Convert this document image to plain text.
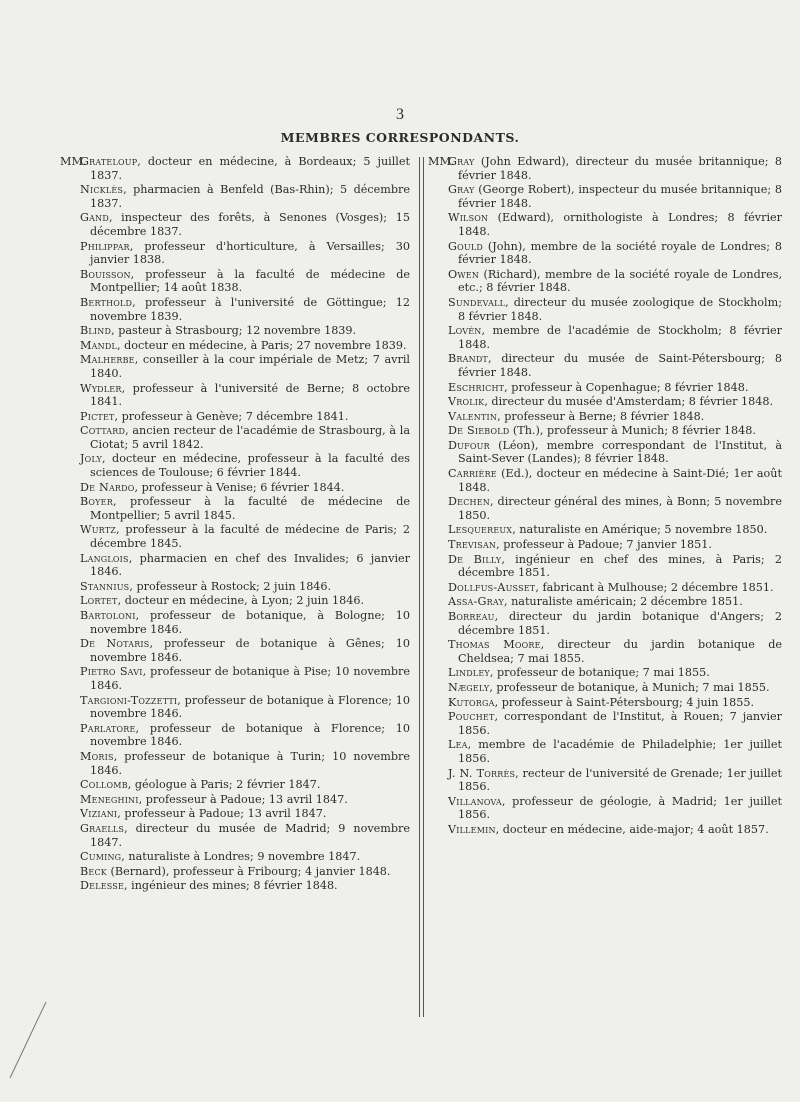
3
MEMBRES CORRESPONDANTS.
MM.
Grateloup, docteur en médecine, à Bordeaux; 5 juillet 1837.
Nicklès, pharmacien à Benfeld (Bas-Rhin); 5 décembre 1837.
Gand, inspecteur des forêts, à Senones (Vosges); 15 décembre 1837.
Philippar, professeur d'horticulture, à Versailles; 30 janvier 1838.
Bouisson, professeur à la faculté de médecine de Montpellier; 14 août 1838.
Berthold, professeur à l'université de Göttingue; 12 novembre 1839.
Blind, pasteur à Strasbourg; 12 novembre 1839.
Mandl, docteur en médecine, à Paris; 27 novembre 1839.
Malherbe, conseiller à la cour impériale de Metz; 7 avril 1840.
Wydler, professeur à l'université de Berne; 8 octobre 1841.
Pictet, professeur à Genève; 7 décembre 1841.
Cottard, ancien recteur de l'académie de Strasbourg, à la Ciotat; 5 avril 1842.
Joly, docteur en médecine, professeur à la faculté des sciences de Toulouse; 6 février 1844.
De Nardo, professeur à Venise; 6 février 1844.
Boyer, professeur à la faculté de médecine de Montpellier; 5 avril 1845.
Wurtz, professeur à la faculté de médecine de Paris; 2 décembre 1845.
Langlois, pharmacien en chef des Invalides; 6 janvier 1846.
Stannius, professeur à Rostock; 2 juin 1846.
Lortet, docteur en médecine, à Lyon; 2 juin 1846.
Bartoloni, professeur de botanique, à Bologne; 10 novembre 1846.
De Notaris, professeur de botanique à Gênes; 10 novembre 1846.
Pietro Savi, professeur de botanique à Pise; 10 novembre 1846.
Targioni-Tozzetti, professeur de botanique à Florence; 10 novembre 1846.
Parlatore, professeur de botanique à Florence; 10 novembre 1846.
Moris, professeur de botanique à Turin; 10 novembre 1846.
Collomb, géologue à Paris; 2 février 1847.
Meneghini, professeur à Padoue; 13 avril 1847.
Viziani, professeur à Padoue; 13 avril 1847.
Graells, directeur du musée de Madrid; 9 novembre 1847.
Cuming, naturaliste à Londres; 9 novembre 1847.
Beck (Bernard), professeur à Fribourg; 4 janvier 1848.
Delesse, ingénieur des mines; 8 février 1848.
MM.
Gray (John Edward), directeur du musée britannique; 8 février 1848.
Gray (George Robert), inspecteur du musée britannique; 8 février 1848.
Wilson (Edward), ornithologiste à Londres; 8 février 1848.
Gould (John), membre de la société royale de Londres; 8 février 1848.
Owen (Richard), membre de la société royale de Londres, etc.; 8 février 1848.
Sundevall, directeur du musée zoologique de Stockholm; 8 février 1848.
Lovén, membre de l'académie de Stockholm; 8 février 1848.
Brandt, directeur du musée de Saint-Pétersbourg; 8 février 1848.
Eschricht, professeur à Copenhague; 8 février 1848.
Vrolik, directeur du musée d'Amsterdam; 8 février 1848.
Valentin, professeur à Berne; 8 février 1848.
De Siebold (Th.), professeur à Munich; 8 février 1848.
Dufour (Léon), membre correspondant de l'Institut, à Saint-Sever (Landes); 8 février 1848.
Carrière (Ed.), docteur en médecine à Saint-Dié; 1er août 1848.
Dechen, directeur général des mines, à Bonn; 5 novembre 1850.
Lesquereux, naturaliste en Amérique; 5 novembre 1850.
Trevisan, professeur à Padoue; 7 janvier 1851.
De Billy, ingénieur en chef des mines, à Paris; 2 décembre 1851.
Dollfus-Ausset, fabricant à Mulhouse; 2 décembre 1851.
Assa-Gray, naturaliste américain; 2 décembre 1851.
Borreau, directeur du jardin botanique d'Angers; 2 décembre 1851.
Thomas Moore, directeur du jardin botanique de Cheldsea; 7 mai 1855.
Lindley, professeur de botanique; 7 mai 1855.
Nægely, professeur de botanique, à Munich; 7 mai 1855.
Kutorga, professeur à Saint-Pétersbourg; 4 juin 1855.
Pouchet, correspondant de l'Institut, à Rouen; 7 janvier 1856.
Lea, membre de l'académie de Philadelphie; 1er juillet 1856.
J. N. Torrès, recteur de l'université de Grenade; 1er juillet 1856.
Villanova, professeur de géologie, à Madrid; 1er juillet 1856.
Villemin, docteur en médecine, aide-major; 4 août 1857.
